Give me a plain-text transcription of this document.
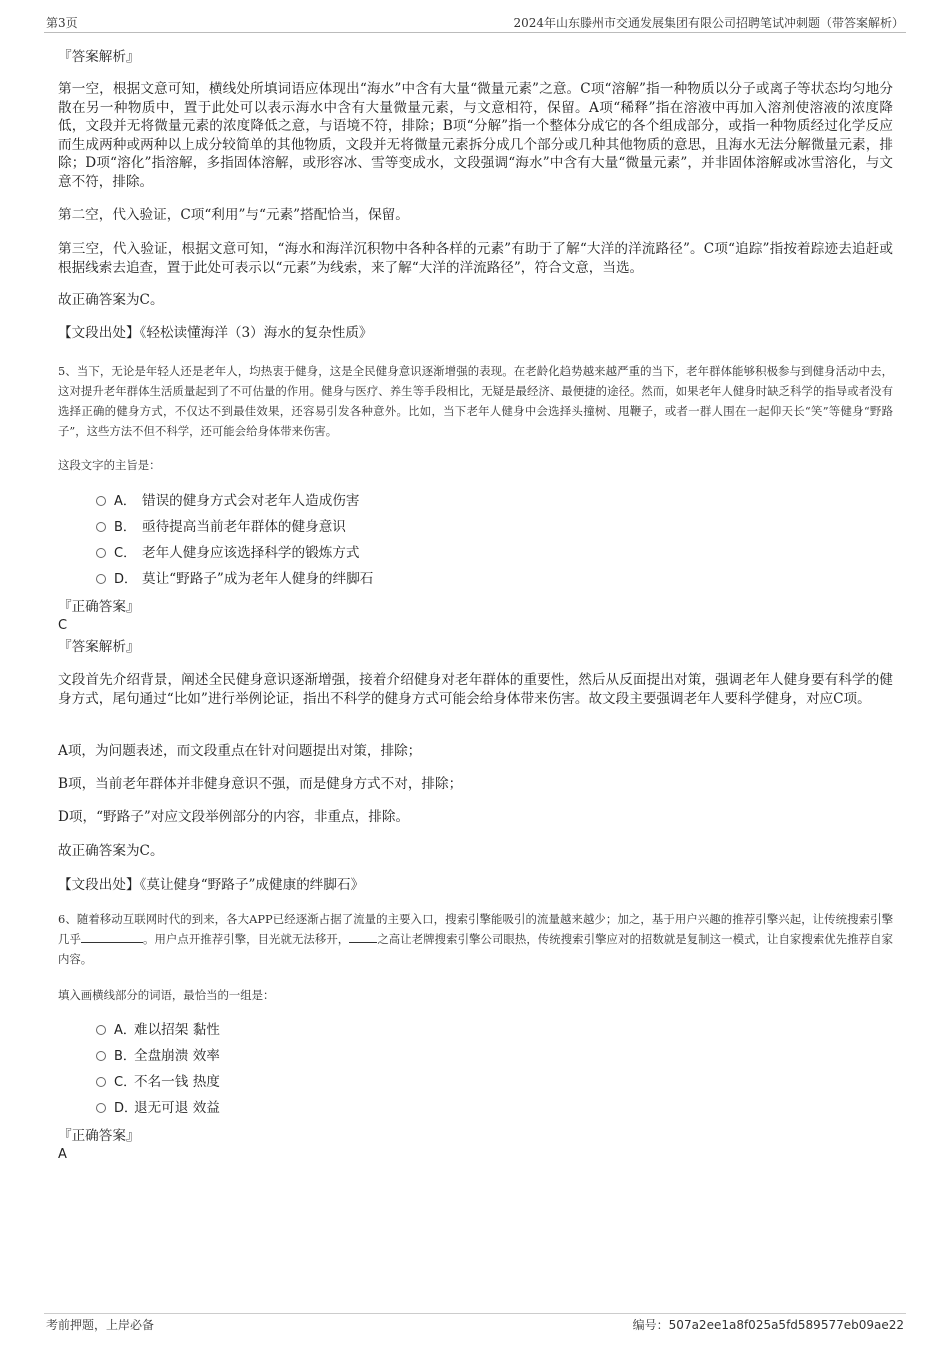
第3页	2024年山东滕州市交通发展集团有限公司招聘笔试冲刺题（带答案解析）
『答案解析』

第一空，根据文意可知，横线处所填词语应体现出“海水”中含有大量“微量元素”之意。C项“溶解”指一种物质以分子或离子等状态均匀地分散在另一种物质中，置于此处可以表示海水中含有大量微量元素，与文意相符，保留。A项“稀释”指在溶液中再加入溶剂使溶液的浓度降低，文段并无将微量元素的浓度降低之意，与语境不符，排除；B项“分解”指一个整体分成它的各个组成部分，或指一种物质经过化学反应而生成两种或两种以上成分较简单的其他物质，文段并无将微量元素拆分成几个部分或几种其他物质的意思，且海水无法分解微量元素，排除；D项“溶化”指溶解，多指固体溶解，或形容冰、雪等变成水，文段强调“海水”中含有大量“微量元素”，并非固体溶解或冰雪溶化，与文意不符，排除。

第二空，代入验证，C项“利用”与“元素”搭配恰当，保留。

第三空，代入验证，根据文意可知，“海水和海洋沉积物中各种各样的元素”有助于了解“大洋的洋流路径”。C项“追踪”指按着踪迹去追赶或根据线索去追查，置于此处可表示以“元素”为线索，来了解“大洋的洋流路径”，符合文意，当选。

故正确答案为C。

【文段出处】《轻松读懂海洋（3）海水的复杂性质》

5、当下，无论是年轻人还是老年人，均热衷于健身，这是全民健身意识逐渐增强的表现。在老龄化趋势越来越严重的当下，老年群体能够积极参与到健身活动中去，这对提升老年群体生活质量起到了不可估量的作用。健身与医疗、养生等手段相比，无疑是最经济、最便捷的途径。然而，如果老年人健身时缺乏科学的指导或者没有选择正确的健身方式，不仅达不到最佳效果，还容易引发各种意外。比如，当下老年人健身中会选择头撞树、甩鞭子，或者一群人围在一起仰天长“笑”等健身“野路子”，这些方法不但不科学，还可能会给身体带来伤害。

这段文字的主旨是：

A． 错误的健身方式会对老年人造成伤害
B． 亟待提高当前老年群体的健身意识
C． 老年人健身应该选择科学的锻炼方式
D． 莫让“野路子”成为老年人健身的绊脚石
『正确答案』
C
『答案解析』

文段首先介绍背景，阐述全民健身意识逐渐增强，接着介绍健身对老年群体的重要性，然后从反面提出对策，强调老年人健身要有科学的健身方式，尾句通过“比如”进行举例论证，指出不科学的健身方式可能会给身体带来伤害。故文段主要强调老年人要科学健身，对应C项。

A项，为问题表述，而文段重点在针对问题提出对策，排除；

B项，当前老年群体并非健身意识不强，而是健身方式不对，排除；

D项，“野路子”对应文段举例部分的内容，非重点，排除。

故正确答案为C。

【文段出处】《莫让健身“野路子”成健康的绊脚石》

6、随着移动互联网时代的到来，各大APP已经逐渐占据了流量的主要入口，搜索引擎能吸引的流量越来越少；加之，基于用户兴趣的推荐引擎兴起，让传统搜索引擎几乎	。用户点开推荐引擎，目光就无法移开， 之高让老牌搜索引擎公司眼热，传统搜索引擎应对的招数就是复制这一模式，让自家搜索优先推荐自家内容。

填入画横线部分的词语，最恰当的一组是：

A．难以招架 黏性
B．全盘崩溃 效率
C．不名一钱 热度
D．退无可退 效益
『正确答案』
A
考前押题，上岸必备	编号：507a2ee1a8f025a5fd589577eb09ae22
